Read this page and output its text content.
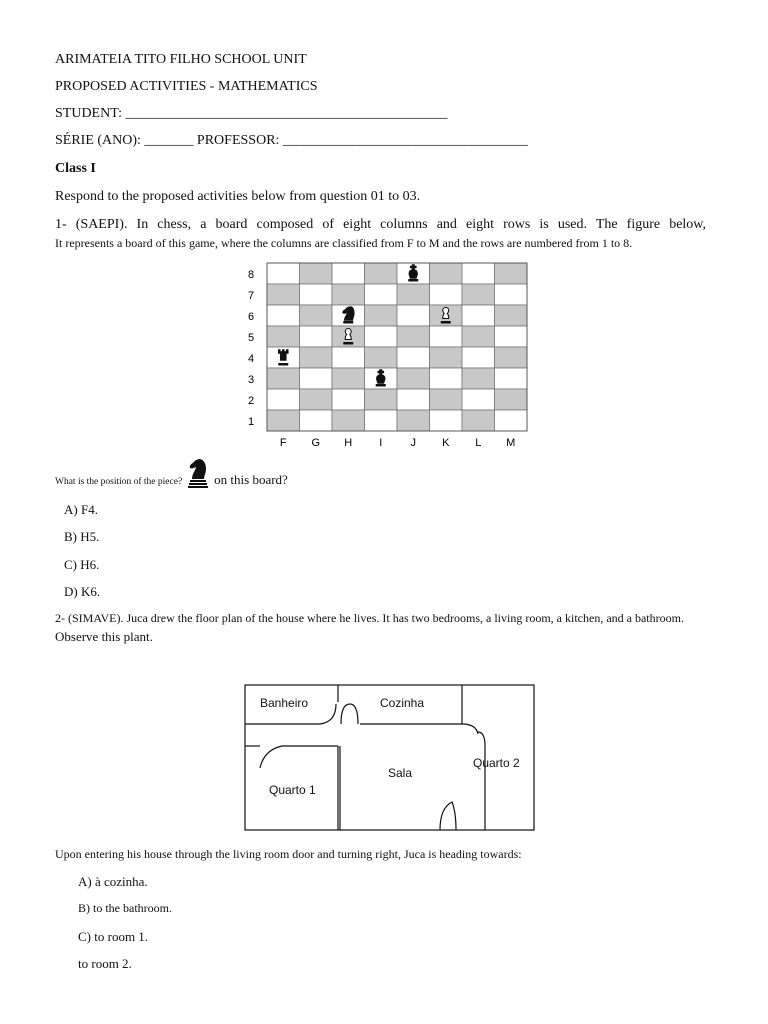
ARIMATEIA TITO FILHO SCHOOL UNIT
PROPOSED ACTIVITIES - MATHEMATICS
STUDENT: ______________________________________________
SÉRIE (ANO): _______ PROFESSOR: ___________________________________
Class I
Respond to the proposed activities below from question 01 to 03.
1- (SAEPI). In chess, a board composed of eight columns and eight rows is used. The figure below,
It represents a board of this game, where the columns are classified from F to M and the rows are numbered from 1 to 8.
8
7
6
5
4
3
2
1
F G H I	J K L M
What is the position of the piece? on this board?
A) F4.
B) H5.
C) H6.
D) K6.
2- (SIMAVE). Juca drew the floor plan of the house where he lives. It has two bedrooms, a living room, a kitchen, and a bathroom.
Observe this plant.
Banheiro	Cozinha
Sala
Quarto 1
Quarto 2
Upon entering his house through the living room door and turning right, Juca is heading towards:
A) à cozinha.
B) to the bathroom.
C) to room 1.
to room 2.
